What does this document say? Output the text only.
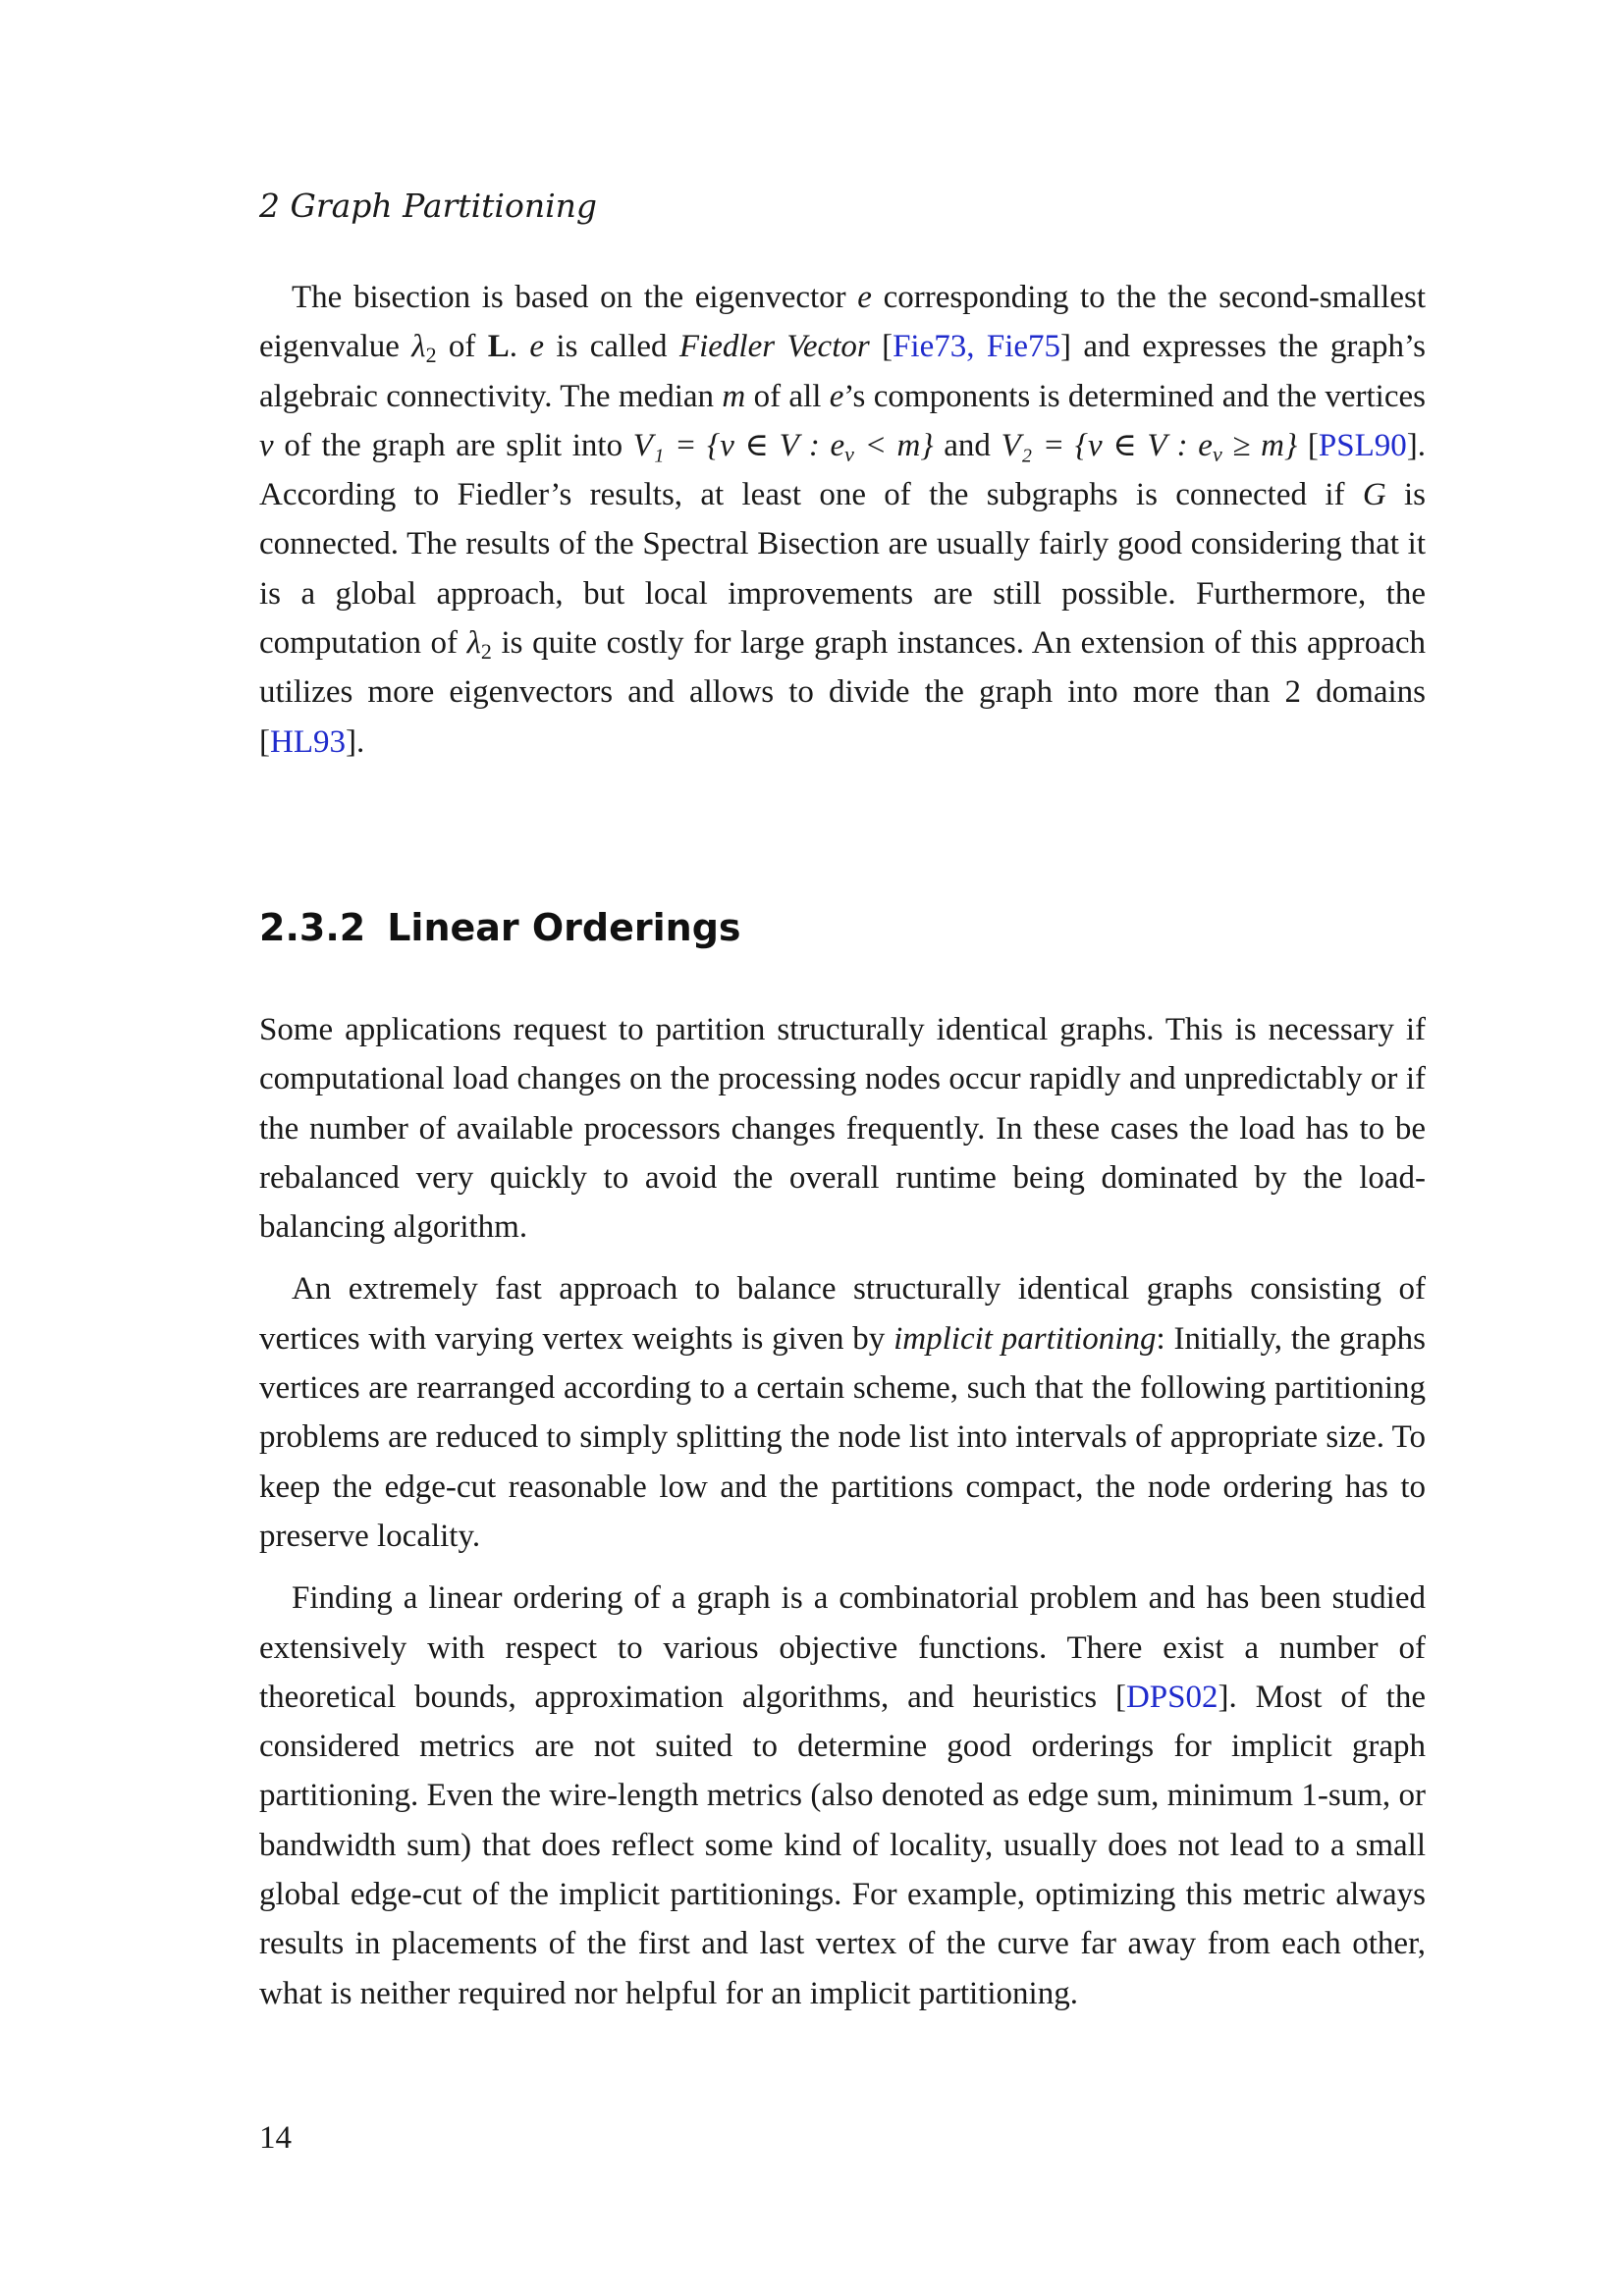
2 Graph Partitioning

The bisection is based on the eigenvector e corresponding to the the second-smallest eigenvalue $\lambda_2$ of L. e is called Fiedler Vector [Fie73, Fie75] and expresses the graph’s algebraic connectivity. The median m of all e’s components is determined and the vertices v of the graph are split into V₁ = {v ∈ V : $e_v < m$} and V₂ = {v ∈ V : $e_v \ge m$} [PSL90]. According to Fiedler’s results, at least one of the subgraphs is connected if G is connected. The results of the Spectral Bisection are usually fairly good considering that it is a global approach, but local improvements are still possible. Furthermore, the computation of $\lambda_2$ is quite costly for large graph instances. An extension of this approach utilizes more eigenvectors and allows to divide the graph into more than 2 domains [HL93].

2.3.2 Linear Orderings

Some applications request to partition structurally identical graphs. This is necessary if computational load changes on the processing nodes occur rapidly and unpredictably or if the number of available processors changes frequently. In these cases the load has to be rebalanced very quickly to avoid the overall runtime being dominated by the load-balancing algorithm.

An extremely fast approach to balance structurally identical graphs consisting of vertices with varying vertex weights is given by implicit partitioning: Initially, the graphs vertices are rearranged according to a certain scheme, such that the following partitioning problems are reduced to simply splitting the node list into intervals of appropriate size. To keep the edge-cut reasonable low and the partitions compact, the node ordering has to preserve locality.

Finding a linear ordering of a graph is a combinatorial problem and has been studied extensively with respect to various objective functions. There exist a number of theoretical bounds, approximation algorithms, and heuristics [DPS02]. Most of the considered metrics are not suited to determine good orderings for implicit graph partitioning. Even the wire-length metrics (also denoted as edge sum, minimum 1-sum, or bandwidth sum) that does reflect some kind of locality, usually does not lead to a small global edge-cut of the implicit partitionings. For example, optimizing this metric always results in placements of the first and last vertex of the curve far away from each other, what is neither required nor helpful for an implicit partitioning.

14
